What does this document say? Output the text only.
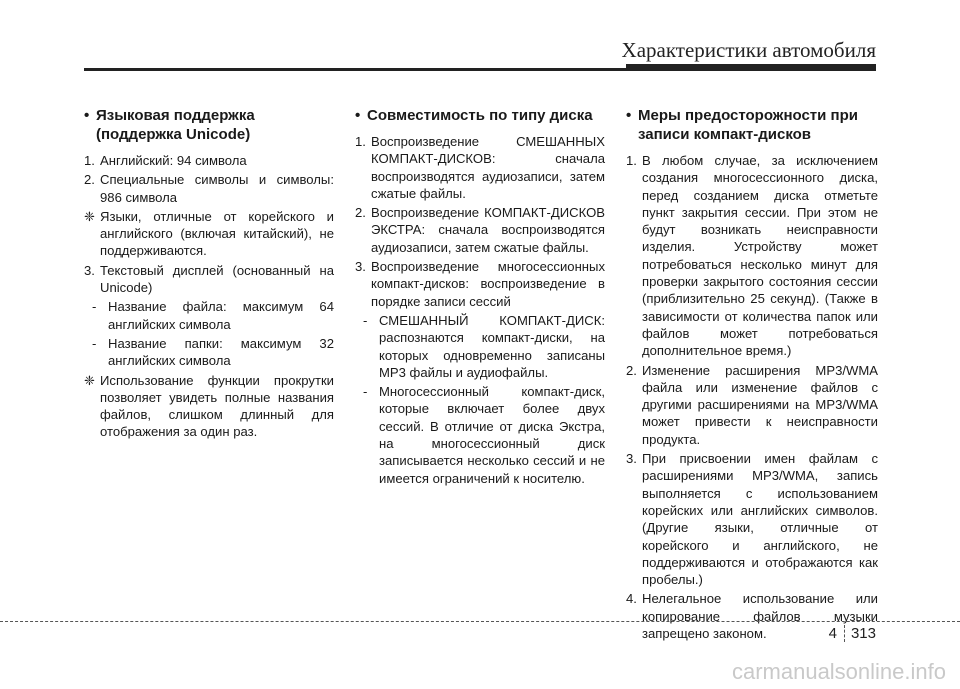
Характеристики автомобиля
• Языковая поддержка
(поддержка Unicode)
1. Английский: 94 символа
2. Специальные символы и символы: 986 символа
❈ Языки, отличные от корейского и английского (включая китайский), не поддерживаются.
3. Текстовый дисплей (основанный на Unicode)
- Название файла: максимум 64 английских символа
- Название папки: максимум 32 английских символа
❈ Использование функции прокрутки позволяет увидеть полные названия файлов, слишком длинный для отображения за один раз.
• Совместимость по типу диска
1. Воспроизведение СМЕШАННЫХ КОМПАКТ-ДИСКОВ: сначала воспроизводятся аудиозаписи, затем сжатые файлы.
2. Воспроизведение КОМПАКТ-ДИСКОВ ЭКСТРА: сначала воспроизводятся аудиозаписи, затем сжатые файлы.
3. Воспроизведение многосессионных компакт-дисков: воспроизведение в порядке записи сессий
- СМЕШАННЫЙ КОМПАКТ-ДИСК: распознаются компакт-диски, на которых одновременно записаны MP3 файлы и аудиофайлы.
- Многосессионный компакт-диск, которые включает более двух сессий. В отличие от диска Экстра, на многосессионный диск записывается несколько сессий и не имеется ограничений к носителю.
• Меры предосторожности при
записи компакт-дисков
1. В любом случае, за исключением создания многосессионного диска, перед созданием диска отметьте пункт закрытия сессии. При этом не будут возникать неисправности изделия. Устройству может потребоваться несколько минут для проверки закрытого состояния сессии (приблизительно 25 секунд). (Также в зависимости от количества папок или файлов может потребоваться дополнительное время.)
2. Изменение расширения MP3/WMA файла или изменение файлов с другими расширениями на MP3/WMA может привести к неисправности продукта.
3. При присвоении имен файлам с расширениями MP3/WMA, запись выполняется с использованием корейских или английских символов. (Другие языки, отличные от корейского и английского, не поддерживаются и отображаются как пробелы.)
4. Нелегальное использование или копирование файлов музыки запрещено законом.	4 313
carmanualsonline.info
